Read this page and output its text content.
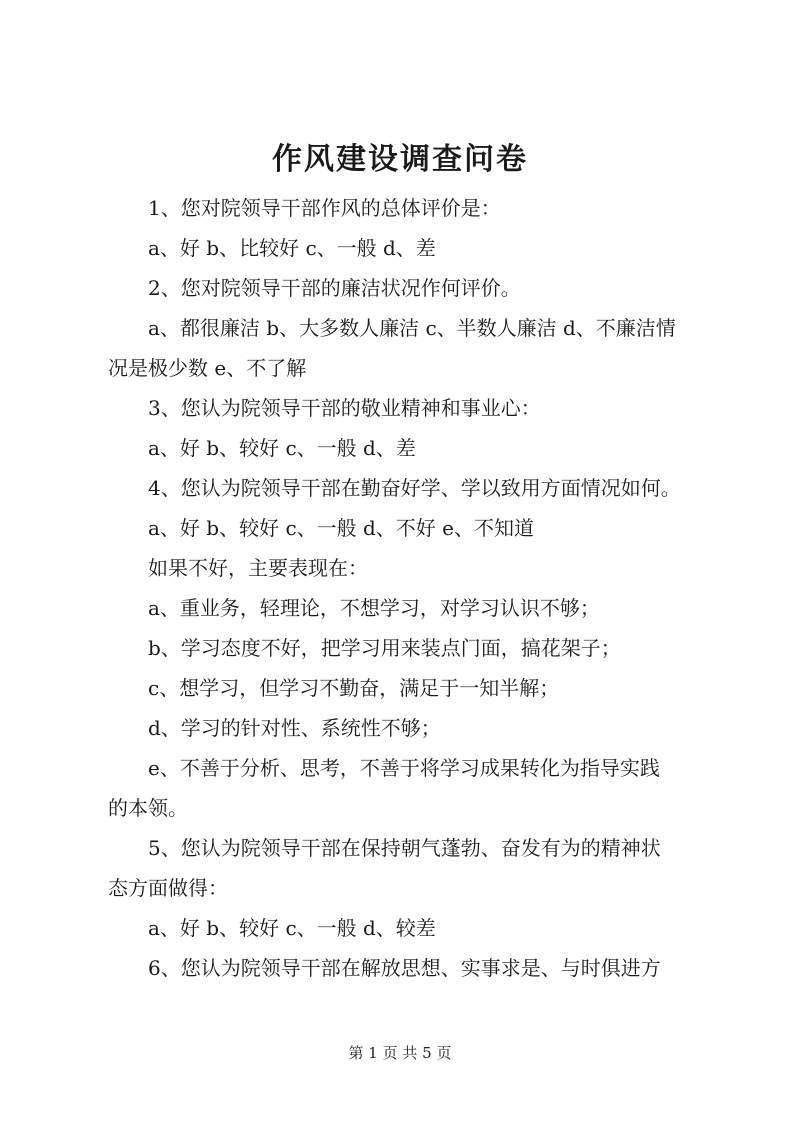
作风建设调查问卷
1、您对院领导干部作风的总体评价是：
a、好 b、比较好 c、一般 d、差
2、您对院领导干部的廉洁状况作何评价。
a、都很廉洁 b、大多数人廉洁 c、半数人廉洁 d、不廉洁情
况是极少数 e、不了解
3、您认为院领导干部的敬业精神和事业心：
a、好 b、较好 c、一般 d、差
4、您认为院领导干部在勤奋好学、学以致用方面情况如何。
a、好 b、较好 c、一般 d、不好 e、不知道
如果不好，主要表现在：
a、重业务，轻理论，不想学习，对学习认识不够；
b、学习态度不好，把学习用来装点门面，搞花架子；
c、想学习，但学习不勤奋，满足于一知半解；
d、学习的针对性、系统性不够；
e、不善于分析、思考，不善于将学习成果转化为指导实践
的本领。
5、您认为院领导干部在保持朝气蓬勃、奋发有为的精神状
态方面做得：
a、好 b、较好 c、一般 d、较差
6、您认为院领导干部在解放思想、实事求是、与时俱进方
第 1 页 共 5 页
